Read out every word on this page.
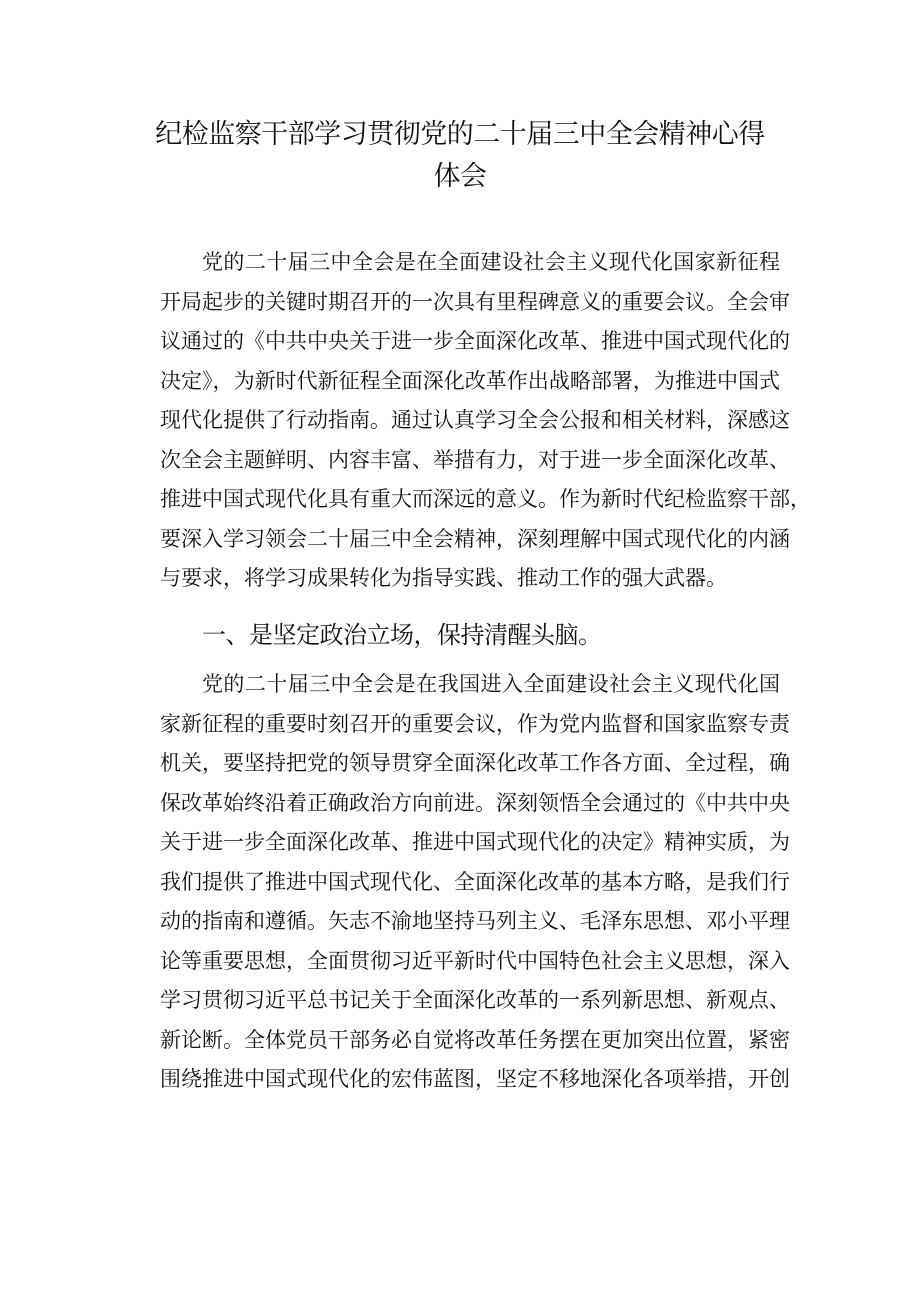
纪检监察干部学习贯彻党的二十届三中全会精神心得
体会
党的二十届三中全会是在全面建设社会主义现代化国家新征程
开局起步的关键时期召开的一次具有里程碑意义的重要会议。全会审
议通过的《中共中央关于进一步全面深化改革、推进中国式现代化的
决定》，为新时代新征程全面深化改革作出战略部署，为推进中国式
现代化提供了行动指南。通过认真学习全会公报和相关材料，深感这
次全会主题鲜明、内容丰富、举措有力，对于进一步全面深化改革、
推进中国式现代化具有重大而深远的意义。作为新时代纪检监察干部，
要深入学习领会二十届三中全会精神，深刻理解中国式现代化的内涵
与要求，将学习成果转化为指导实践、推动工作的强大武器。
一、是坚定政治立场，保持清醒头脑。
党的二十届三中全会是在我国进入全面建设社会主义现代化国
家新征程的重要时刻召开的重要会议，作为党内监督和国家监察专责
机关，要坚持把党的领导贯穿全面深化改革工作各方面、全过程，确
保改革始终沿着正确政治方向前进。深刻领悟全会通过的《中共中央
关于进一步全面深化改革、推进中国式现代化的决定》精神实质，为
我们提供了推进中国式现代化、全面深化改革的基本方略，是我们行
动的指南和遵循。矢志不渝地坚持马列主义、毛泽东思想、邓小平理
论等重要思想，全面贯彻习近平新时代中国特色社会主义思想，深入
学习贯彻习近平总书记关于全面深化改革的一系列新思想、新观点、
新论断。全体党员干部务必自觉将改革任务摆在更加突出位置，紧密
围绕推进中国式现代化的宏伟蓝图，坚定不移地深化各项举措，开创
